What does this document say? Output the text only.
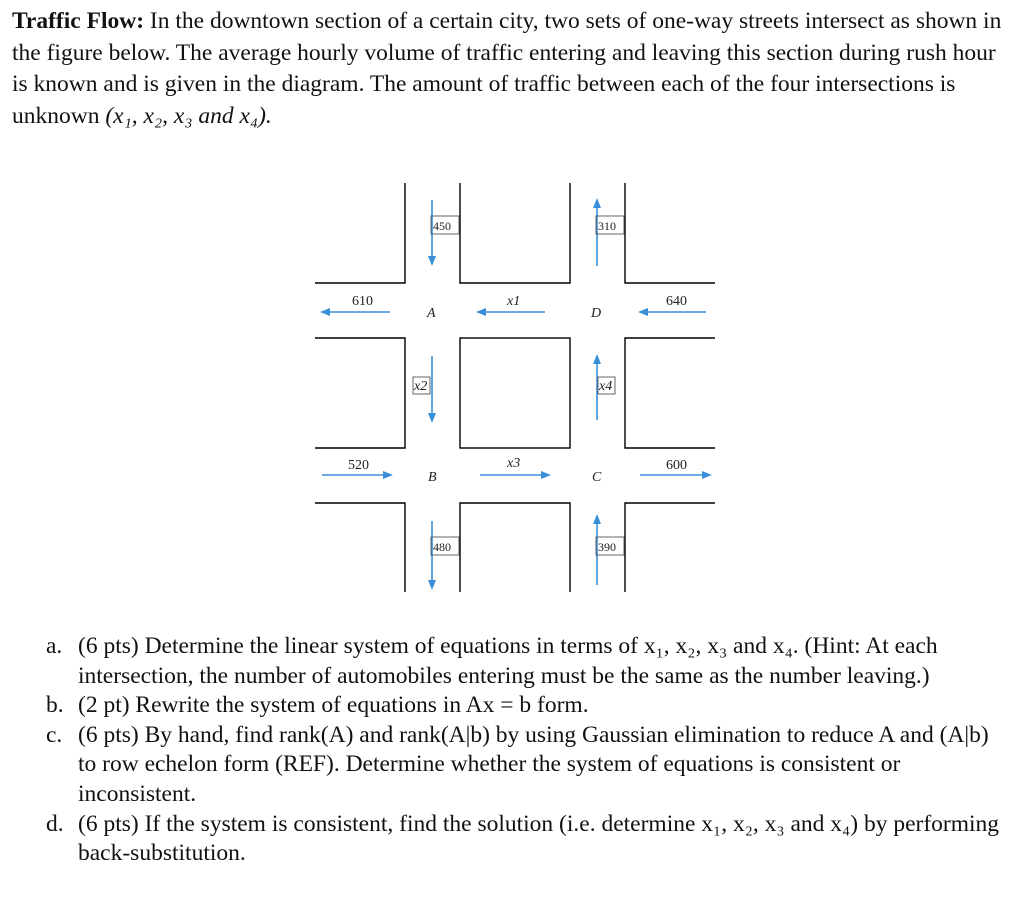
Traffic Flow: In the downtown section of a certain city, two sets of one-way streets intersect as shown in the figure below. The average hourly volume of traffic entering and leaving this section during rush hour is known and is given in the diagram. The amount of traffic between each of the four intersections is unknown (x₁, x₂, x₃ and x₄).
450	310
480	390
610
520
640
600
x1
x2
x3
x4
A	D
B	C
a. (6 pts) Determine the linear system of equations in terms of x₁, x₂, x₃ and x₄. (Hint: At each intersection, the number of automobiles entering must be the same as the number leaving.)
b. (2 pt) Rewrite the system of equations in Ax = b form.
c. (6 pts) By hand, find rank(A) and rank(A|b) by using Gaussian elimination to reduce A and (A|b) to row echelon form (REF). Determine whether the system of equations is consistent or inconsistent.
d. (6 pts) If the system is consistent, find the solution (i.e. determine x₁, x₂, x₃ and x₄) by performing back-substitution.
